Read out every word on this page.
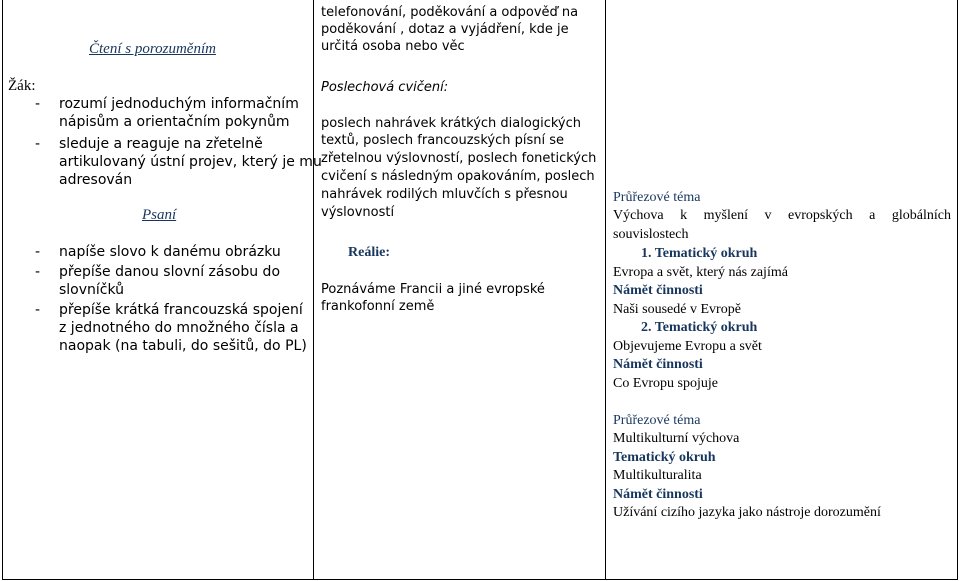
Čtení s porozuměním
Žák:
- rozumí jednoduchým informačním
nápisům a orientačním pokynům
- sleduje a reaguje na zřetelně
artikulovaný ústní projev, který je mu
adresován
Psaní
- napíše slovo k danému obrázku
- přepíše danou slovní zásobu do
slovníčků
- přepíše krátká francouzská spojení
z jednotného do množného čísla a
naopak (na tabuli, do sešitů, do PL)
telefonování, poděkování a odpověď na
poděkování , dotaz a vyjádření, kde je
určitá osoba nebo věc
Poslechová cvičení:
poslech nahrávek krátkých dialogických
textů, poslech francouzských písní se
zřetelnou výslovností, poslech fonetických
cvičení s následným opakováním, poslech
nahrávek rodilých mluvčích s přesnou
výslovností
Reálie:
Poznáváme Francii a jiné evropské
frankofonní země
Průřezové téma
Výchova k myšlení v evropských a globálních
souvislostech
1. Tematický okruh
Evropa a svět, který nás zajímá
Námět činnosti
Naši sousedé v Evropě
2. Tematický okruh
Objevujeme Evropu a svět
Námět činnosti
Co Evropu spojuje
Průřezové téma
Multikulturní výchova
Tematický okruh
Multikulturalita
Námět činnosti
Užívání cizího jazyka jako nástroje dorozumění
